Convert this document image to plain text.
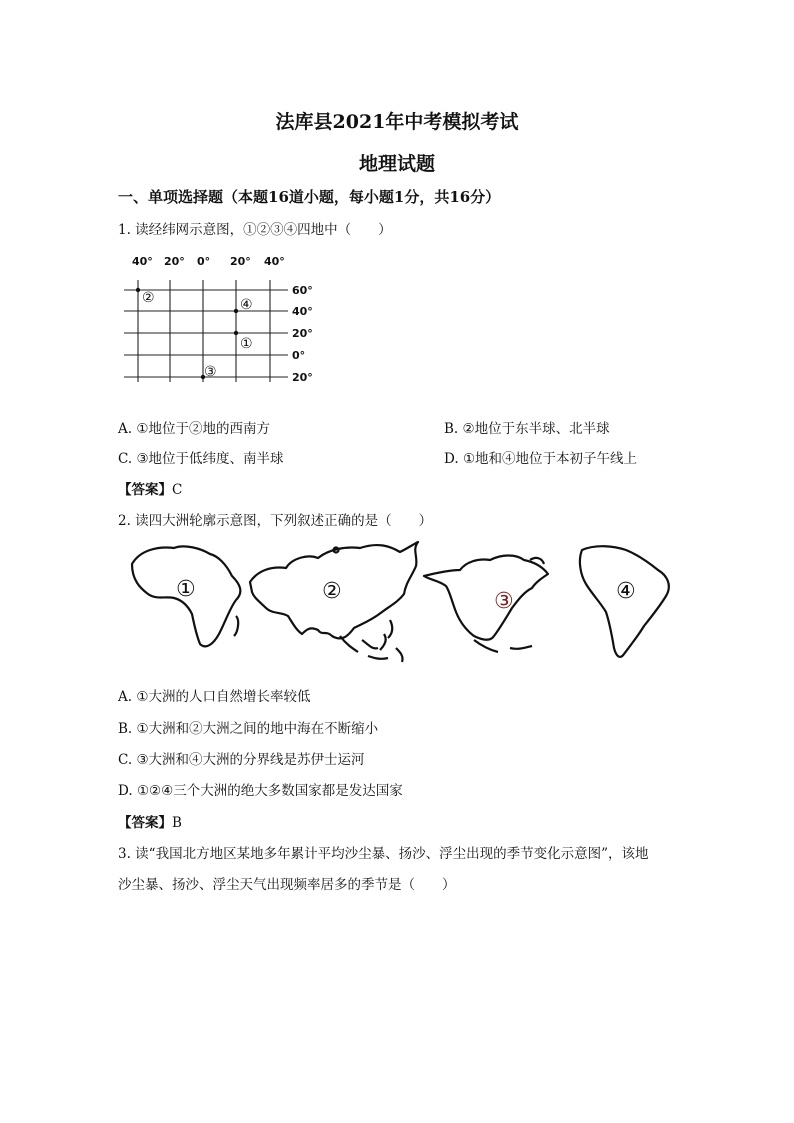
法库县2021年中考模拟考试
地理试题
一、单项选择题（本题16道小题，每小题1分，共16分）
1. 读经纬网示意图，①②③④四地中（　　）
40° 20° 0° 20° 40°
60°
40°
20°
0°
20°
②	④
①
③
A. ①地位于②地的西南方	B. ②地位于东半球、北半球
C. ③地位于低纬度、南半球	D. ①地和④地位于本初子午线上
【答案】C
2. 读四大洲轮廓示意图，下列叙述正确的是（　　）
①	②	③	④
A. ①大洲的人口自然增长率较低
B. ①大洲和②大洲之间的地中海在不断缩小
C. ③大洲和④大洲的分界线是苏伊士运河
D. ①②④三个大洲的绝大多数国家都是发达国家
【答案】B
3. 读“我国北方地区某地多年累计平均沙尘暴、扬沙、浮尘出现的季节变化示意图”，该地
沙尘暴、扬沙、浮尘天气出现频率居多的季节是（　　）
